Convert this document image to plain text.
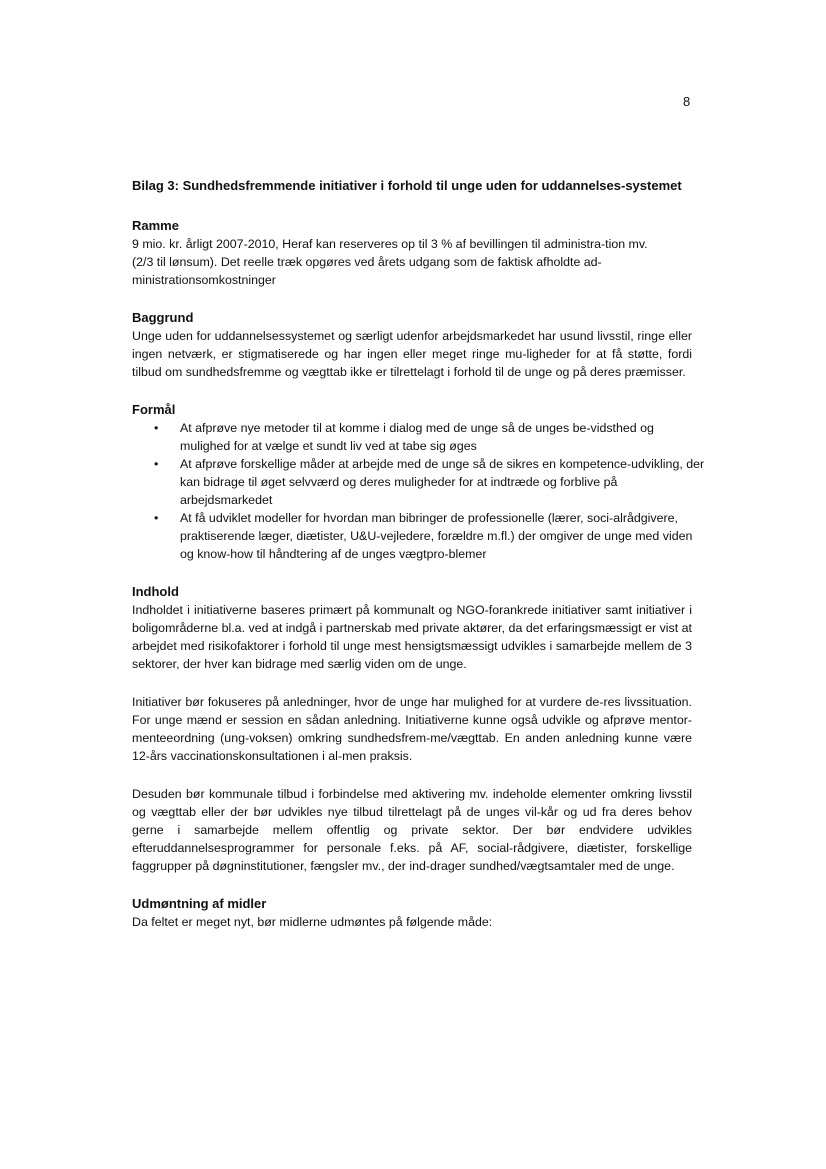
8
Bilag 3: Sundhedsfremmende initiativer i forhold til unge uden for uddannelses-systemet
Ramme

9 mio. kr. årligt 2007-2010, Heraf kan reserveres op til 3 % af bevillingen til administra-tion mv.

(2/3 til lønsum). Det reelle træk opgøres ved årets udgang som de faktisk afholdte ad-ministrationsomkostninger

Baggrund

Unge uden for uddannelsessystemet og særligt udenfor arbejdsmarkedet har usund livsstil, ringe eller ingen netværk, er stigmatiserede og har ingen eller meget ringe mu-ligheder for at få støtte, fordi tilbud om sundhedsfremme og vægttab ikke er tilrettelagt i forhold til de unge og på deres præmisser.

Formål
• At afprøve nye metoder til at komme i dialog med de unge så de unges be-vidsthed og mulighed for at vælge et sundt liv ved at tabe sig øges
• At afprøve forskellige måder at arbejde med de unge så de sikres en kompetence-udvikling, der kan bidrage til øget selvværd og deres muligheder for at indtræde og forblive på arbejdsmarkedet
• At få udviklet modeller for hvordan man bibringer de professionelle (lærer, soci-alrådgivere, praktiserende læger, diætister, U&U-vejledere, forældre m.fl.) der omgiver de unge med viden og know-how til håndtering af de unges vægtpro-blemer
Indhold

Indholdet i initiativerne baseres primært på kommunalt og NGO-forankrede initiativer samt initiativer i boligområderne bl.a. ved at indgå i partnerskab med private aktører, da det erfaringsmæssigt er vist at arbejdet med risikofaktorer i forhold til unge mest hensigtsmæssigt udvikles i samarbejde mellem de 3 sektorer, der hver kan bidrage med særlig viden om de unge.

Initiativer bør fokuseres på anledninger, hvor de unge har mulighed for at vurdere de-res livssituation. For unge mænd er session en sådan anledning. Initiativerne kunne også udvikle og afprøve mentor-menteeordning (ung-voksen) omkring sundhedsfrem-me/vægttab. En anden anledning kunne være 12-års vaccinationskonsultationen i al-men praksis.

Desuden bør kommunale tilbud i forbindelse med aktivering mv. indeholde elementer omkring livsstil og vægttab eller der bør udvikles nye tilbud tilrettelagt på de unges vil-kår og ud fra deres behov gerne i samarbejde mellem offentlig og private sektor. Der bør endvidere udvikles efteruddannelsesprogrammer for personale f.eks. på AF, social-rådgivere, diætister, forskellige faggrupper på døgninstitutioner, fængsler mv., der ind-drager sundhed/vægtsamtaler med de unge.

Udmøntning af midler

Da feltet er meget nyt, bør midlerne udmøntes på følgende måde:
